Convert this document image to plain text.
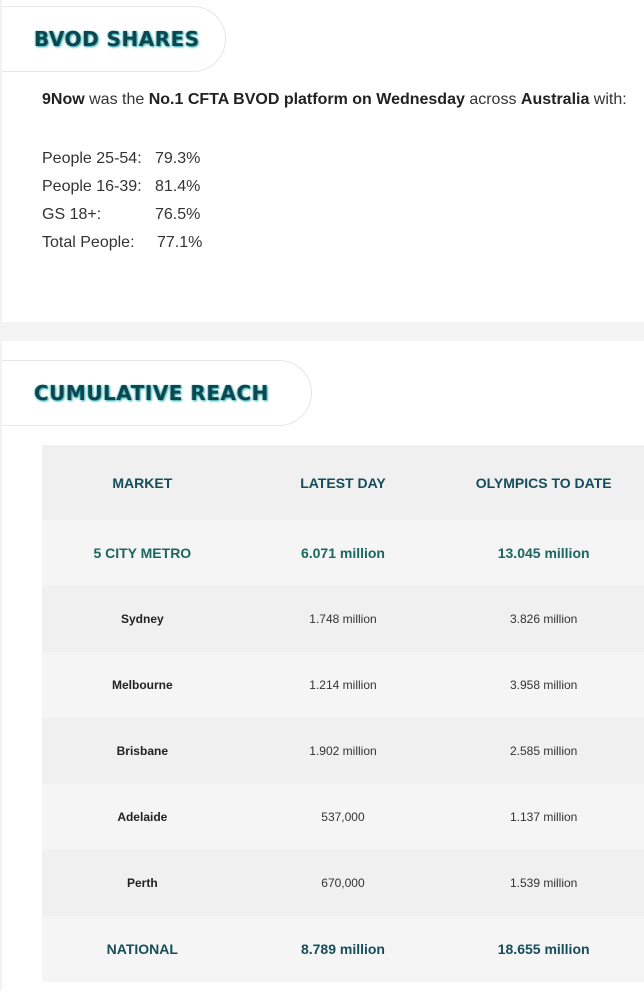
BVOD SHARES

9Now was the No.1 CFTA BVOD platform on Wednesday across Australia with:

People 25-54: 79.3%
People 16-39: 81.4%
GS 18+:	76.5%
Total People:	77.1%
CUMULATIVE REACH
MARKET	LATEST DAY	OLYMPICS TO DATE
5 CITY METRO	6.071 million	13.045 million
Sydney	1.748 million	3.826 million
Melbourne	1.214 million	3.958 million
Brisbane	1.902 million	2.585 million
Adelaide	537,000	1.137 million
Perth	670,000	1.539 million
NATIONAL	8.789 million	18.655 million
